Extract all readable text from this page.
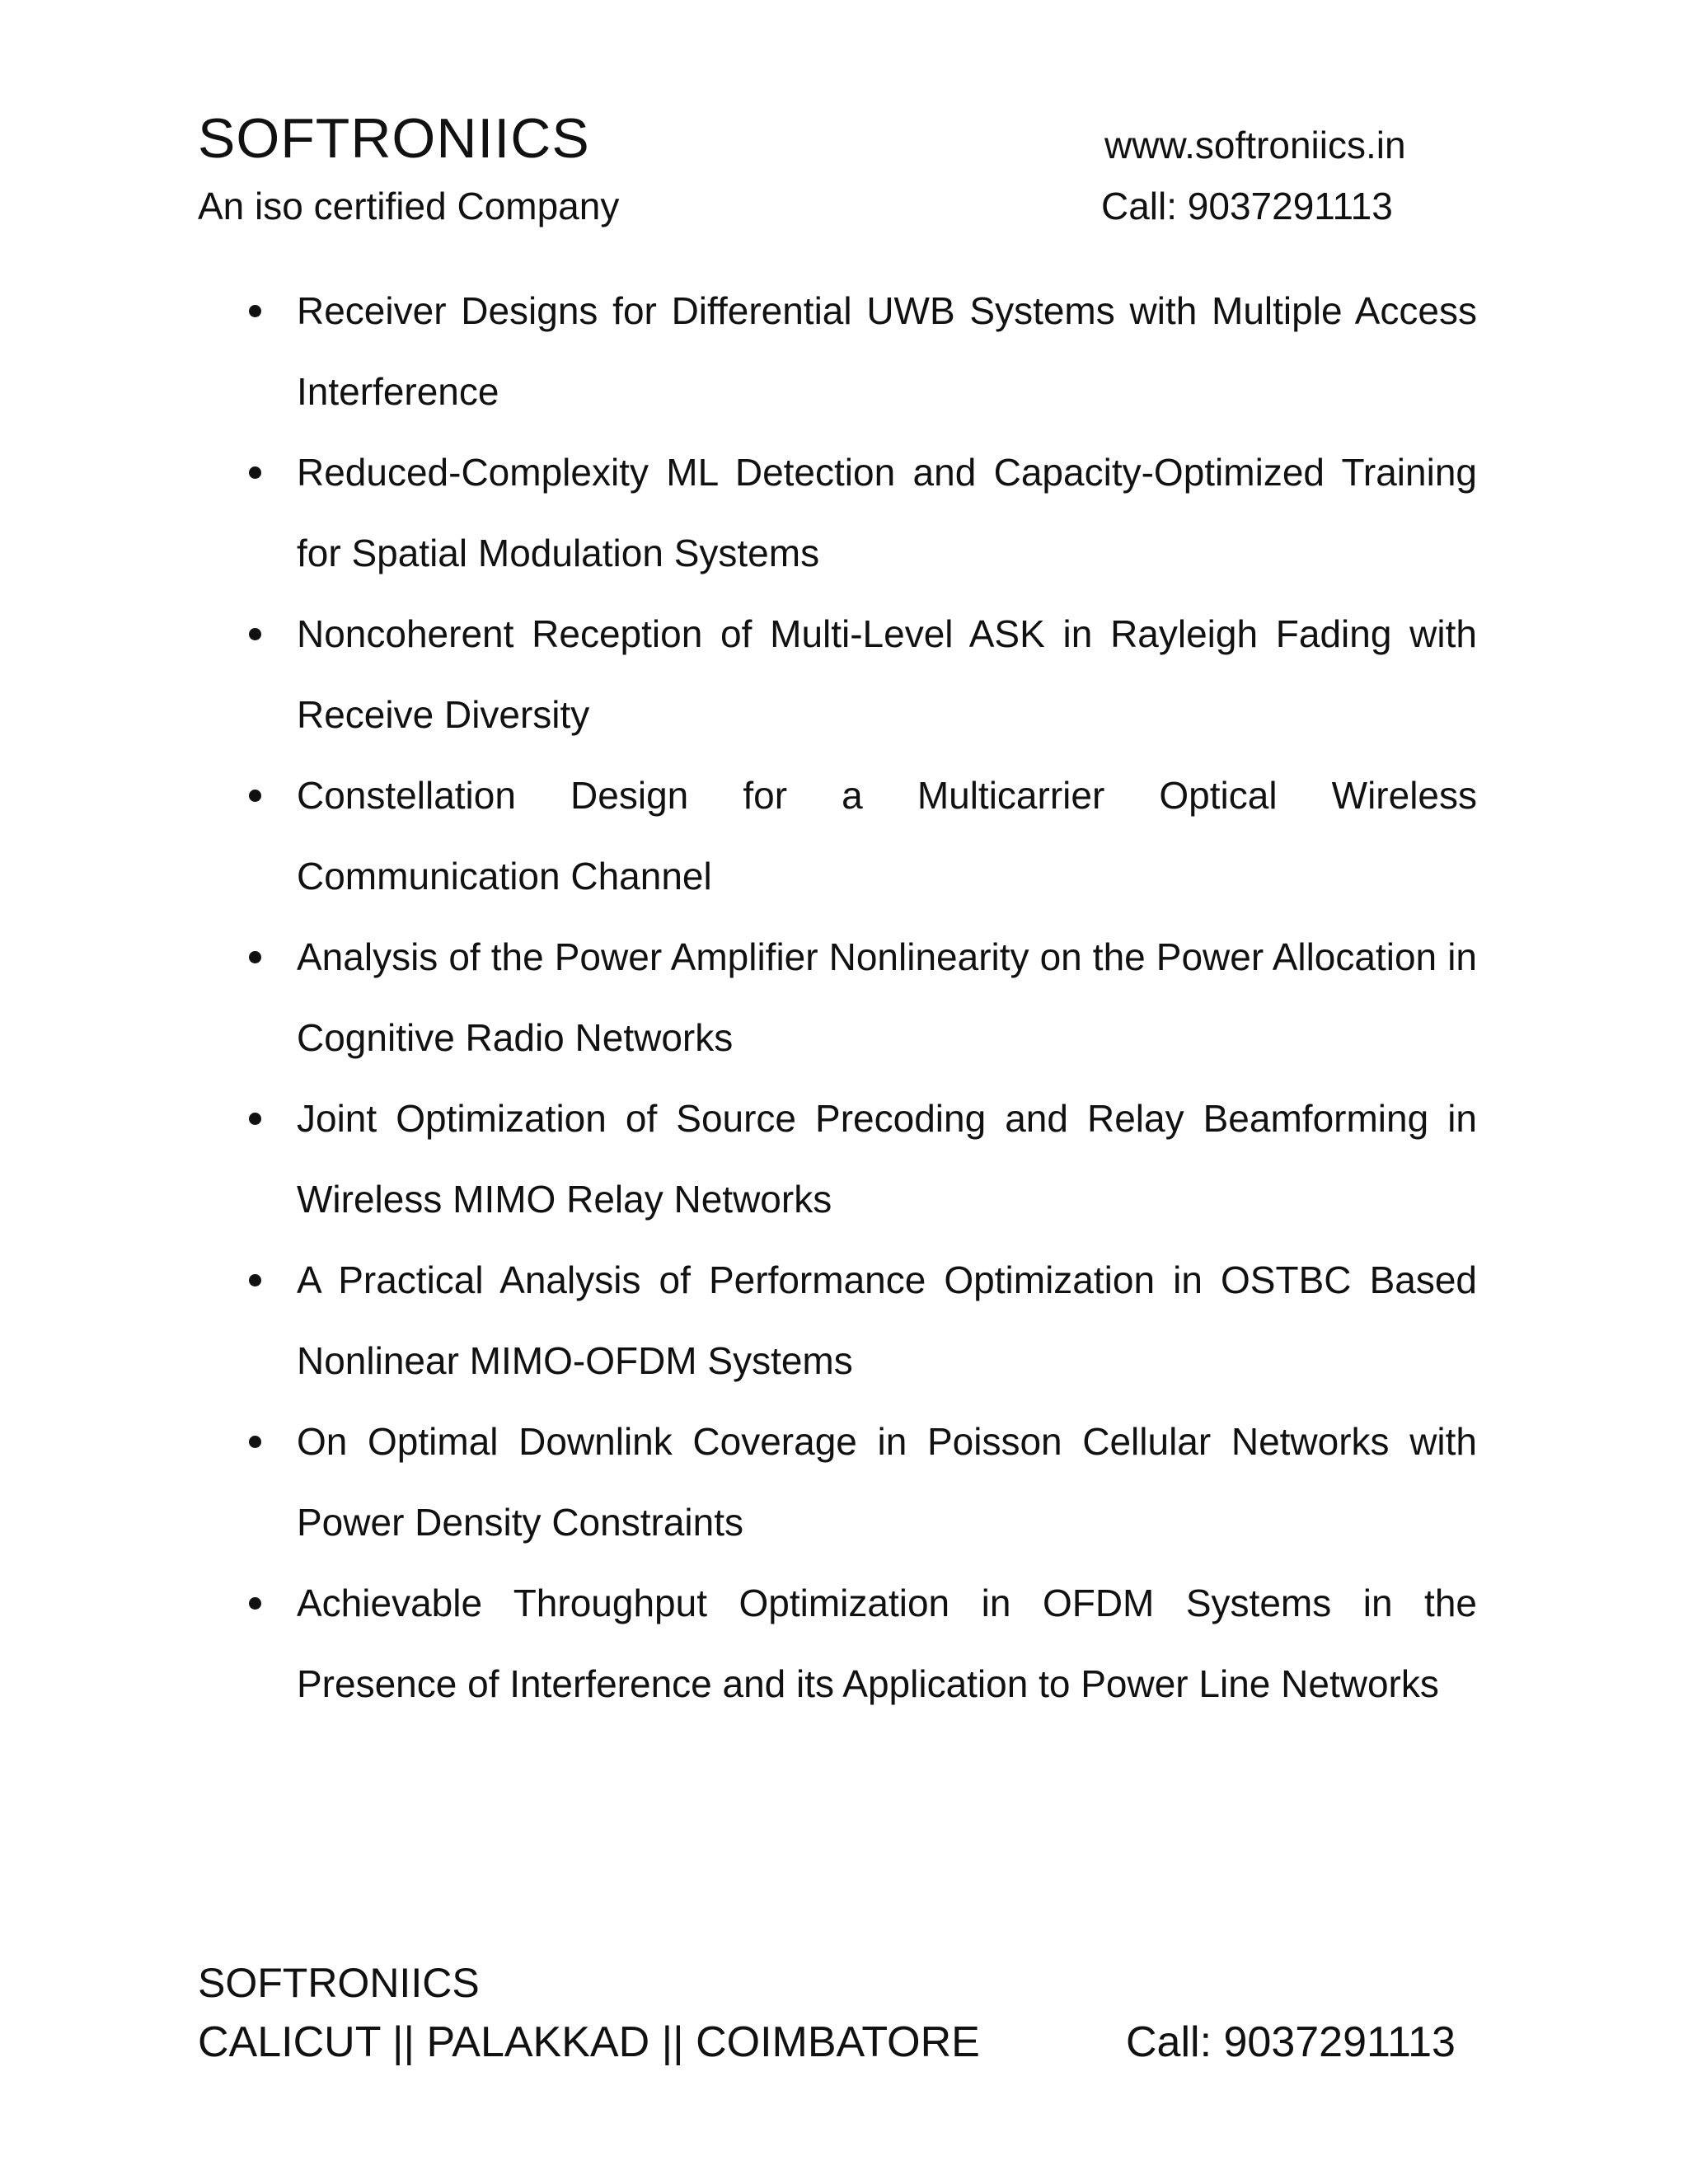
SOFTRONIICS
An iso certified Company
www.softroniics.in
Call: 9037291113
Receiver Designs for Differential UWB Systems with Multiple Access Interference
Reduced-Complexity ML Detection and Capacity-Optimized Training for Spatial Modulation Systems
Noncoherent Reception of Multi-Level ASK in Rayleigh Fading with Receive Diversity
Constellation Design for a Multicarrier Optical Wireless Communication Channel
Analysis of the Power Amplifier Nonlinearity on the Power Allocation in Cognitive Radio Networks
Joint Optimization of Source Precoding and Relay Beamforming in Wireless MIMO Relay Networks
A Practical Analysis of Performance Optimization in OSTBC Based Nonlinear MIMO-OFDM Systems
On Optimal Downlink Coverage in Poisson Cellular Networks with Power Density Constraints
Achievable Throughput Optimization in OFDM Systems in the Presence of Interference and its Application to Power Line Networks
SOFTRONIICS
CALICUT || PALAKKAD || COIMBATORE	Call: 9037291113
